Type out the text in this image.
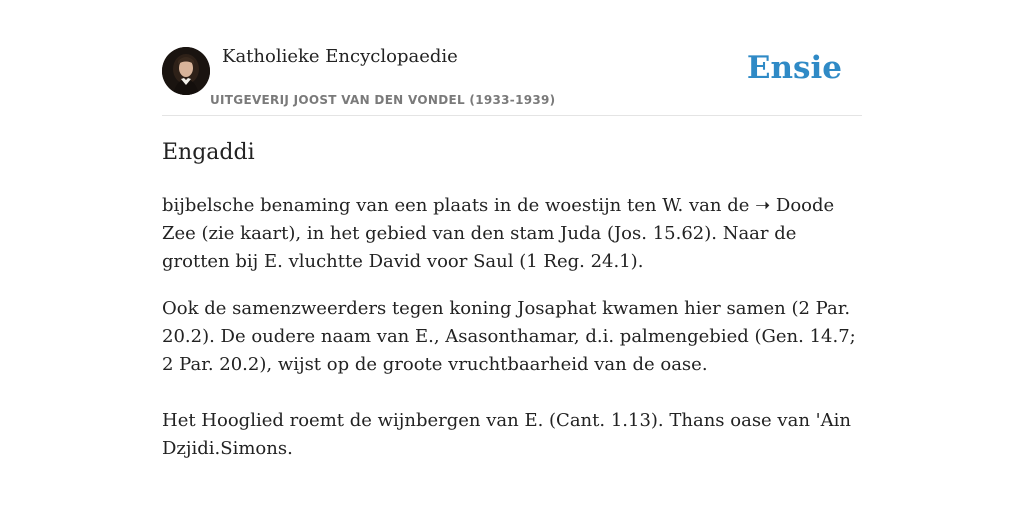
Katholieke Encyclopaedie
UITGEVERIJ JOOST VAN DEN VONDEL (1933-1939)
Ensie
Engaddi

bijbelsche benaming van een plaats in de woestijn ten W. van de ➝ Doode Zee (zie kaart), in het gebied van den stam Juda (Jos. 15.62). Naar de grotten bij E. vluchtte David voor Saul (1 Reg. 24.1).

Ook de samenzweerders tegen koning Josaphat kwamen hier samen (2 Par. 20.2). De oudere naam van E., Asasonthamar, d.i. palmengebied (Gen. 14.7; 2 Par. 20.2), wijst op de groote vruchtbaarheid van de oase.

Het Hooglied roemt de wijnbergen van E. (Cant. 1.13). Thans oase van 'Ain Dzjidi.Simons.
